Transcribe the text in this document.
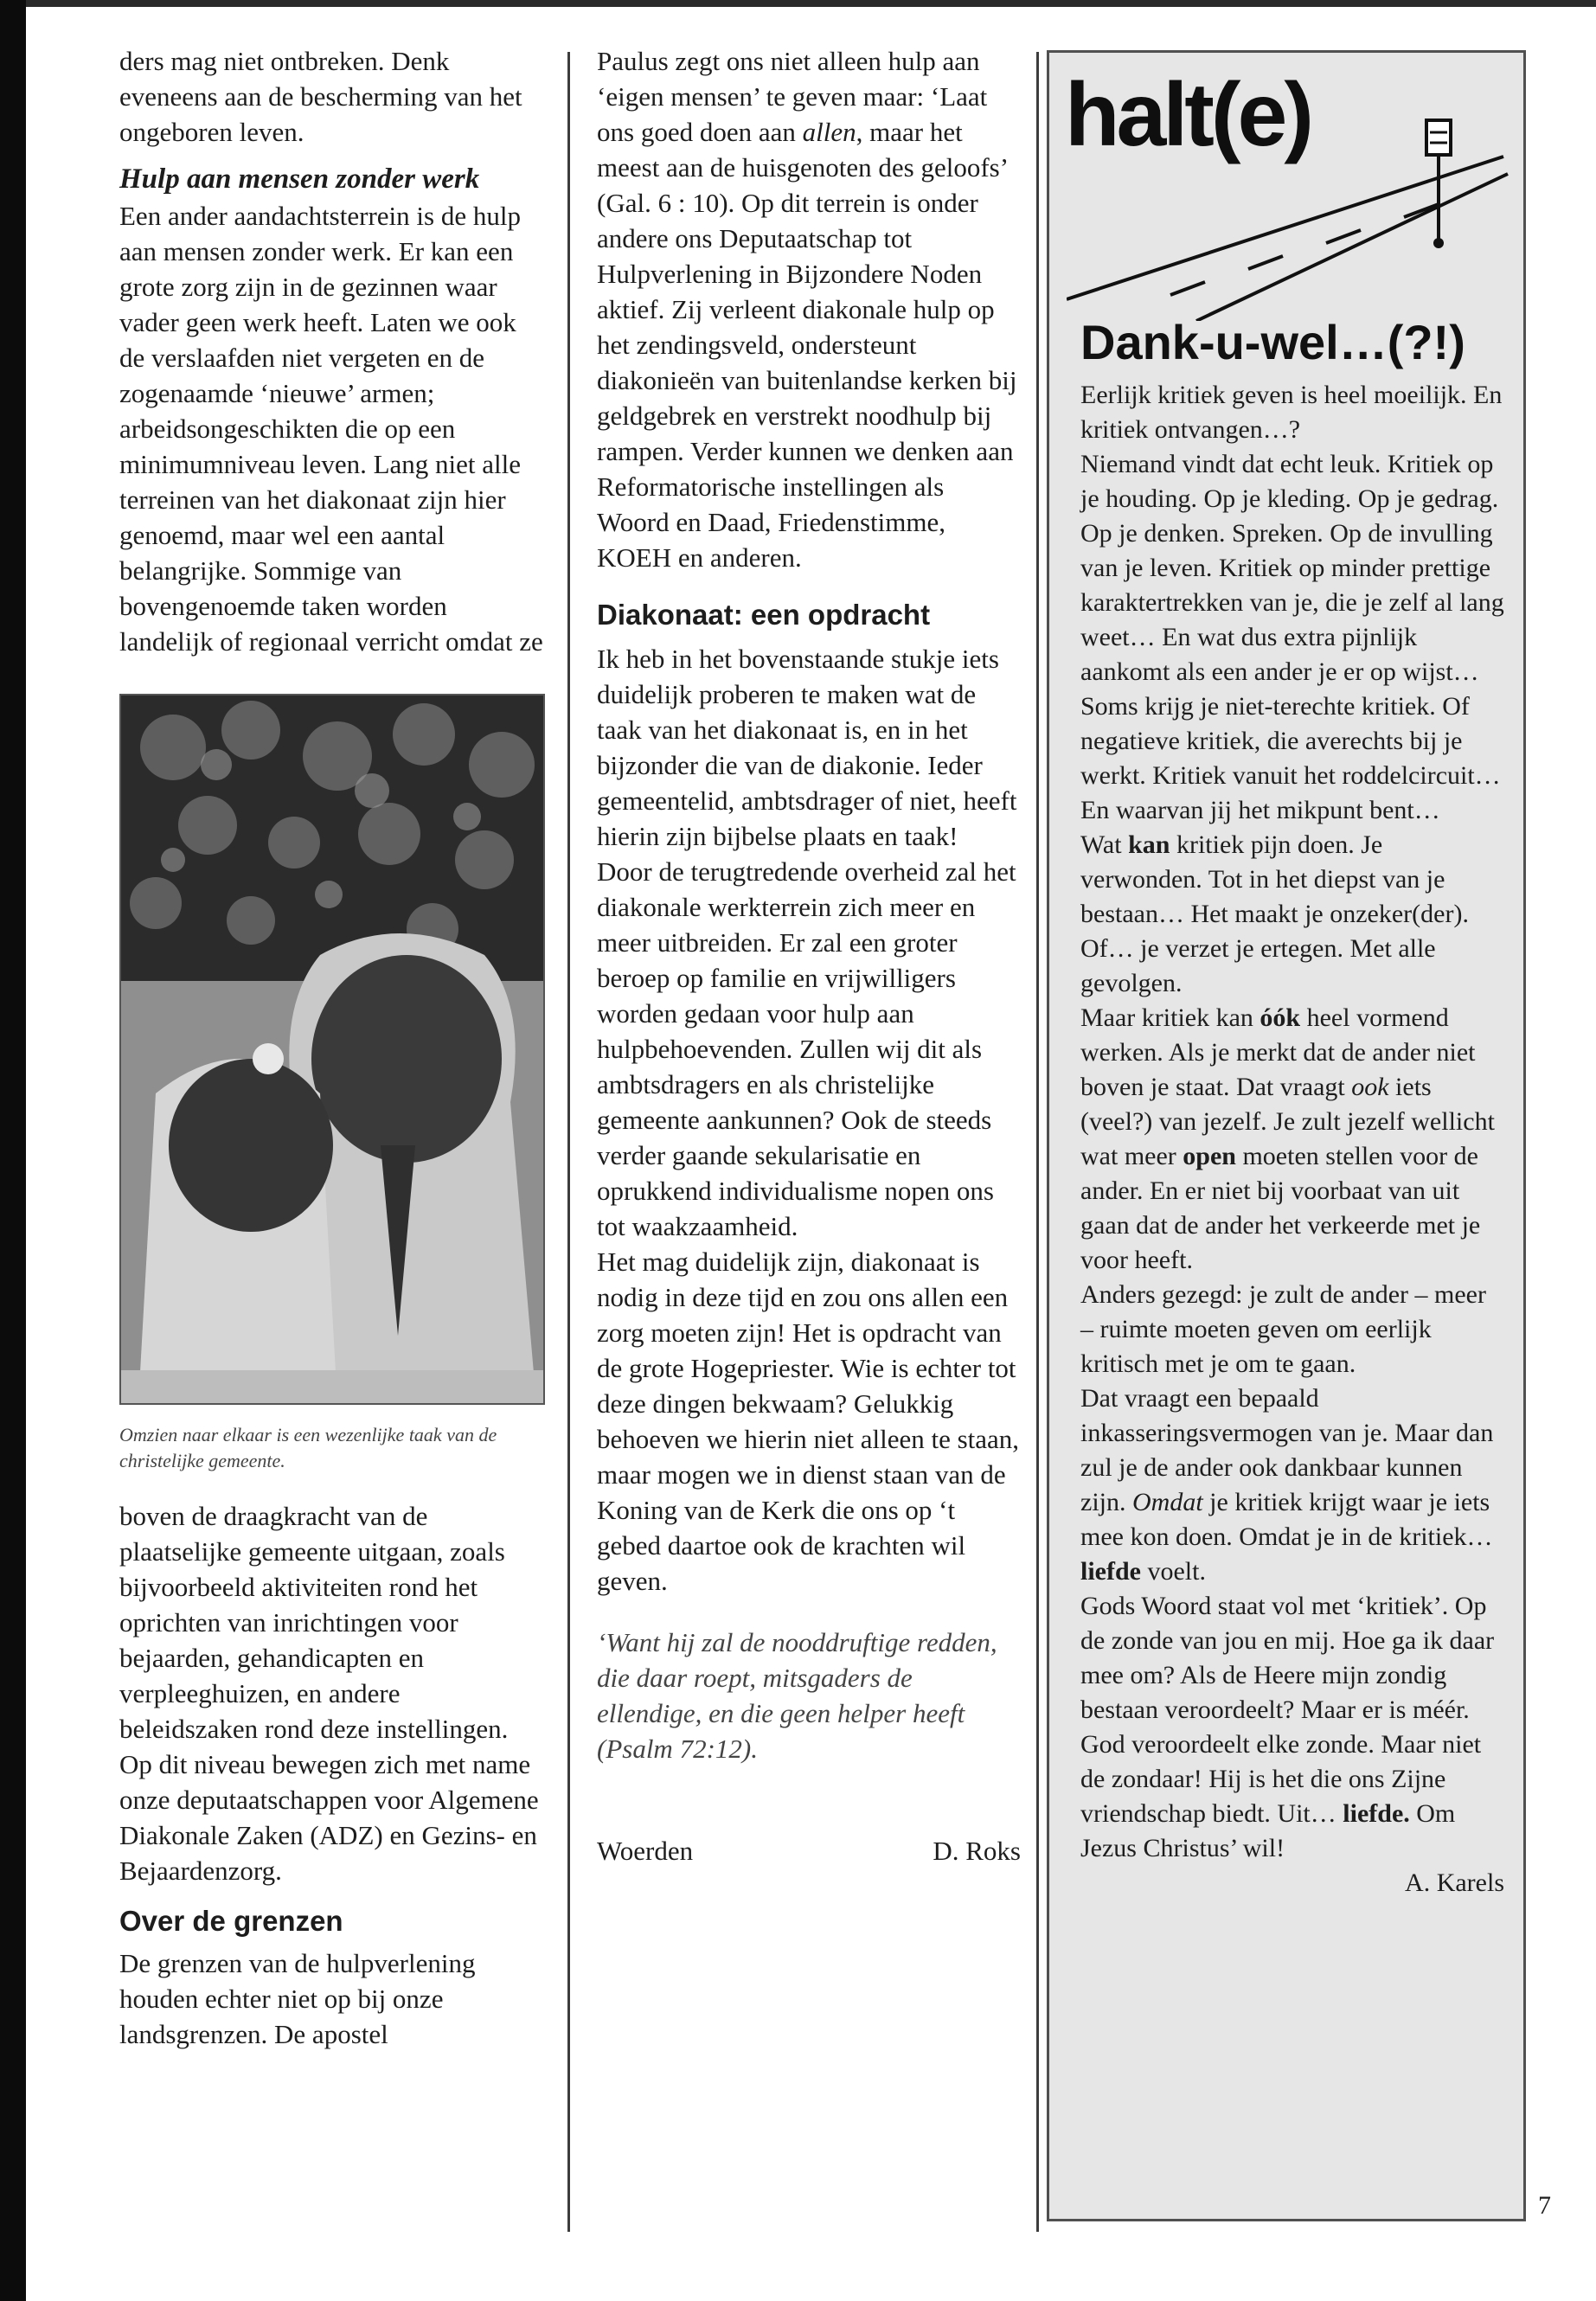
ders mag niet ontbreken. Denk eveneens aan de bescherming van het ongeboren leven.

Hulp aan mensen zonder werk

Een ander aandachtsterrein is de hulp aan mensen zonder werk. Er kan een grote zorg zijn in de gezinnen waar vader geen werk heeft. Laten we ook de verslaafden niet vergeten en de zogenaamde ‘nieuwe’ armen; arbeidsongeschikten die op een minimumniveau leven. Lang niet alle terreinen van het diakonaat zijn hier genoemd, maar wel een aantal belangrijke. Sommige van bovengenoemde taken worden landelijk of regionaal verricht omdat ze

Omzien naar elkaar is een wezenlijke taak van de christelijke gemeente.

boven de draagkracht van de plaatselijke gemeente uitgaan, zoals bijvoorbeeld aktiviteiten rond het oprichten van inrichtingen voor bejaarden, gehandicapten en verpleeghuizen, en andere beleidszaken rond deze instellingen. Op dit niveau bewegen zich met name onze deputaatschappen voor Algemene Diakonale Zaken (ADZ) en Gezins- en Bejaardenzorg.

Over de grenzen

De grenzen van de hulpverlening houden echter niet op bij onze landsgrenzen. De apostel

Paulus zegt ons niet alleen hulp aan ‘eigen mensen’ te geven maar: ‘Laat ons goed doen aan allen, maar het meest aan de huisgenoten des geloofs’ (Gal. 6 : 10). Op dit terrein is onder andere ons Deputaatschap tot Hulpverlening in Bijzondere Noden aktief. Zij verleent diakonale hulp op het zendingsveld, ondersteunt diakonieën van buitenlandse kerken bij geldgebrek en verstrekt noodhulp bij rampen. Verder kunnen we denken aan Reformatorische instellingen als Woord en Daad, Friedenstimme, KOEH en anderen.

Diakonaat: een opdracht

Ik heb in het bovenstaande stukje iets duidelijk proberen te maken wat de taak van het diakonaat is, en in het bijzonder die van de diakonie. Ieder gemeentelid, ambtsdrager of niet, heeft hierin zijn bijbelse plaats en taak!

Door de terugtredende overheid zal het diakonale werkterrein zich meer en meer uitbreiden. Er zal een groter beroep op familie en vrijwilligers worden gedaan voor hulp aan hulpbehoevenden. Zullen wij dit als ambtsdragers en als christelijke gemeente aankunnen? Ook de steeds verder gaande sekularisatie en oprukkend individualisme nopen ons tot waakzaamheid.

Het mag duidelijk zijn, diakonaat is nodig in deze tijd en zou ons allen een zorg moeten zijn! Het is opdracht van de grote Hogepriester. Wie is echter tot deze dingen bekwaam? Gelukkig behoeven we hierin niet alleen te staan, maar mogen we in dienst staan van de Koning van de Kerk die ons op ‘t gebed daartoe ook de krachten wil geven.

‘Want hij zal de nooddruftige redden, die daar roept, mitsgaders de ellendige, en die geen helper heeft (Psalm 72:12).

Woerden	D. Roks
halt(e)

Dank-u-wel…(?!)

Eerlijk kritiek geven is heel moeilijk. En kritiek ontvangen…?

Niemand vindt dat echt leuk. Kritiek op je houding. Op je kleding. Op je gedrag. Op je denken. Spreken. Op de invulling van je leven. Kritiek op minder prettige karaktertrekken van je, die je zelf al lang weet… En wat dus extra pijnlijk aankomt als een ander je er op wijst…

Soms krijg je niet-terechte kritiek. Of negatieve kritiek, die averechts bij je werkt. Kritiek vanuit het roddelcircuit… En waarvan jij het mikpunt bent…

Wat kan kritiek pijn doen. Je verwonden. Tot in het diepst van je bestaan… Het maakt je onzeker(der). Of… je verzet je ertegen. Met alle gevolgen.

Maar kritiek kan óók heel vormend werken. Als je merkt dat de ander niet boven je staat. Dat vraagt ook iets (veel?) van jezelf. Je zult jezelf wellicht wat meer open moeten stellen voor de ander. En er niet bij voorbaat van uit gaan dat de ander het verkeerde met je voor heeft.

Anders gezegd: je zult de ander – meer – ruimte moeten geven om eerlijk kritisch met je om te gaan.

Dat vraagt een bepaald inkasseringsvermogen van je. Maar dan zul je de ander ook dankbaar kunnen zijn. Omdat je kritiek krijgt waar je iets mee kon doen. Omdat je in de kritiek… liefde voelt.

Gods Woord staat vol met ‘kritiek’. Op de zonde van jou en mij. Hoe ga ik daar mee om? Als de Heere mijn zondig bestaan veroordeelt? Maar er is méér. God veroordeelt elke zonde. Maar niet de zondaar! Hij is het die ons Zijne vriendschap biedt. Uit… liefde. Om Jezus Christus’ wil!

A. Karels

7
